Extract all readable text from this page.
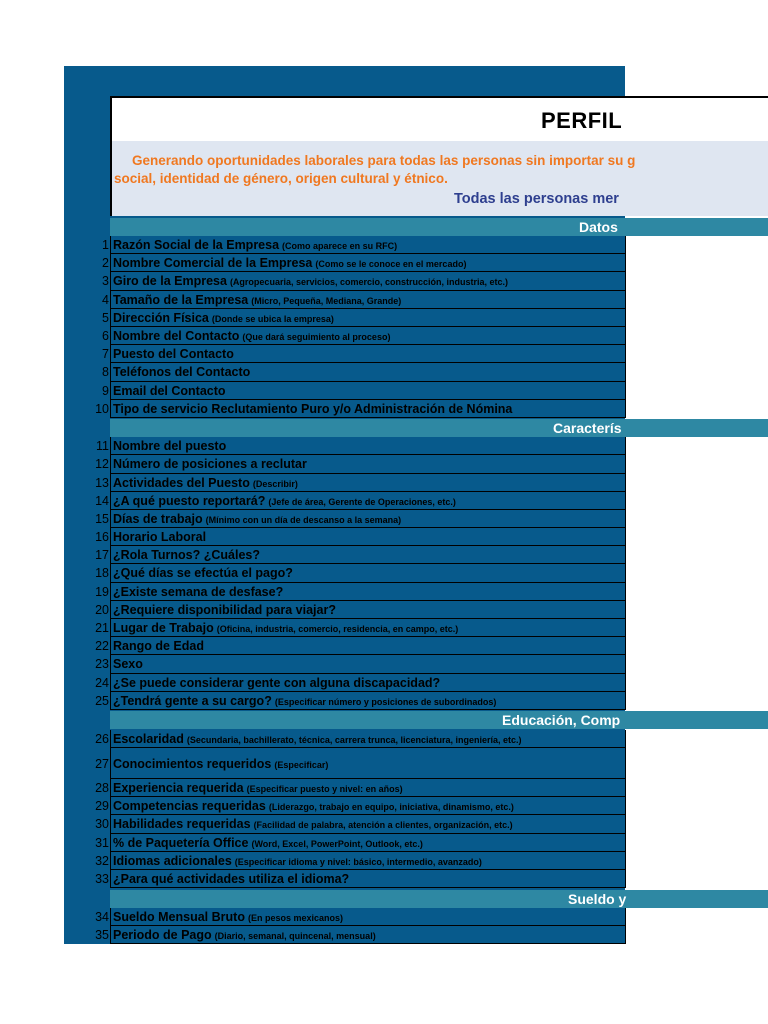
PERFIL
Generando oportunidades laborales para todas las personas sin importar su g
social, identidad de género, origen cultural y étnico.
Todas las personas mer
Datos
Caracterís
Educación, Comp
Sueldo y
1 Razón Social de la Empresa (Como aparece en su RFC)
2 Nombre Comercial de la Empresa (Como se le conoce en el mercado)
3 Giro de la Empresa (Agropecuaria, servicios, comercio, construcción, industria, etc.)
4 Tamaño de la Empresa (Micro, Pequeña, Mediana, Grande)
5 Dirección Física (Donde se ubica la empresa)
6 Nombre del Contacto (Que dará seguimiento al proceso)
7 Puesto del Contacto
8 Teléfonos del Contacto
9 Email del Contacto
10 Tipo de servicio Reclutamiento Puro y/o Administración de Nómina
11 Nombre del puesto
12 Número de posiciones a reclutar
13 Actividades del Puesto (Describir)
14 ¿A qué puesto reportará? (Jefe de área, Gerente de Operaciones, etc.)
15 Días de trabajo (Mínimo con un día de descanso a la semana)
16 Horario Laboral
17 ¿Rola Turnos? ¿Cuáles?
18 ¿Qué días se efectúa el pago?
19 ¿Existe semana de desfase?
20 ¿Requiere disponibilidad para viajar?
21 Lugar de Trabajo (Oficina, industria, comercio, residencia, en campo, etc.)
22 Rango de Edad
23 Sexo
24 ¿Se puede considerar gente con alguna discapacidad?
25 ¿Tendrá gente a su cargo? (Especificar número y posiciones de subordinados)
26 Escolaridad (Secundaria, bachillerato, técnica, carrera trunca, licenciatura, ingeniería, etc.)
27 Conocimientos requeridos (Especificar)
28 Experiencia requerida (Especificar puesto y nivel: en años)
29 Competencias requeridas (Liderazgo, trabajo en equipo, iniciativa, dinamismo, etc.)
30 Habilidades requeridas (Facilidad de palabra, atención a clientes, organización, etc.)
31 % de Paquetería Office (Word, Excel, PowerPoint, Outlook, etc.)
32 Idiomas adicionales (Especificar idioma y nivel: básico, intermedio, avanzado)
33 ¿Para qué actividades utiliza el idioma?
34 Sueldo Mensual Bruto (En pesos mexicanos)
35 Periodo de Pago (Diario, semanal, quincenal, mensual)
